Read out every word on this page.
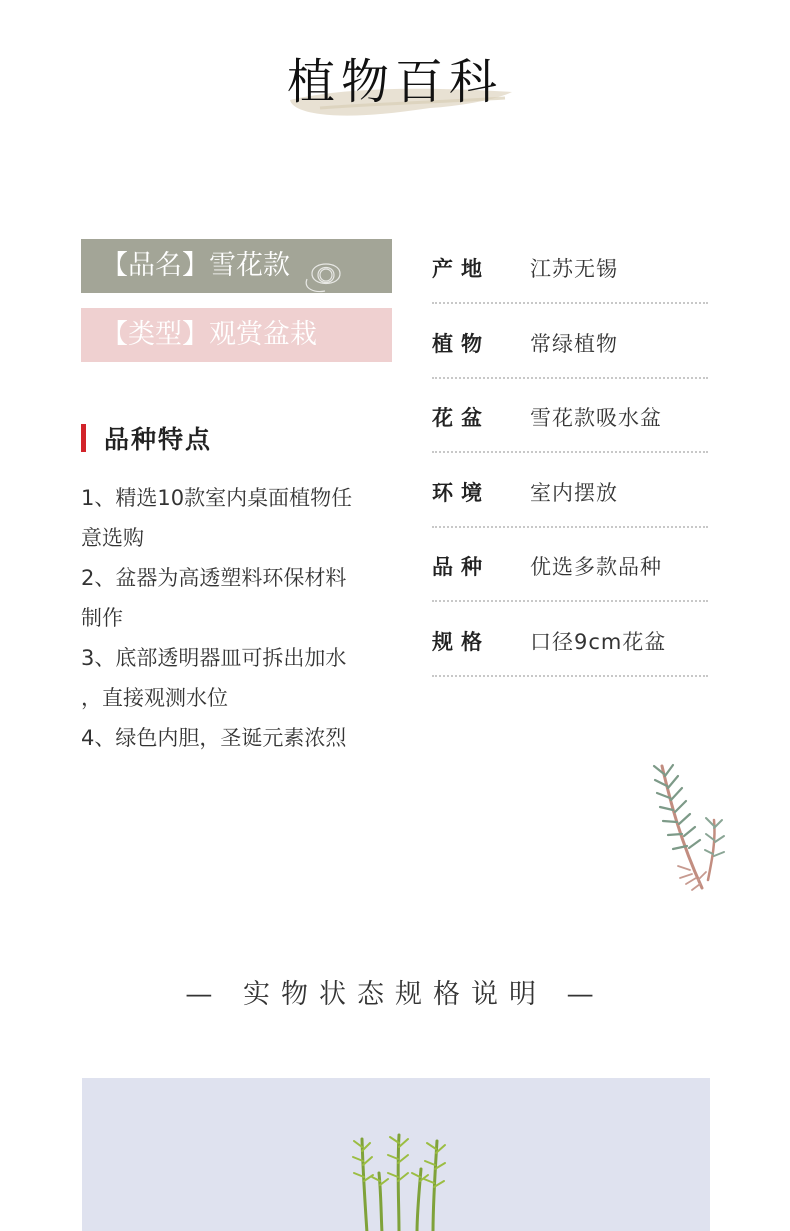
植物百科
【品名】雪花款
【类型】观赏盆栽
品种特点
1、精选10款室内桌面植物任
意选购
2、盆器为高透塑料环保材料
制作
3、底部透明器皿可拆出加水
，直接观测水位
4、绿色内胆，圣诞元素浓烈
产地	江苏无锡
植物	常绿植物
花盆	雪花款吸水盆
环境	室内摆放
品种	优选多款品种
规格	口径9cm花盆
— 实物状态规格说明 —
